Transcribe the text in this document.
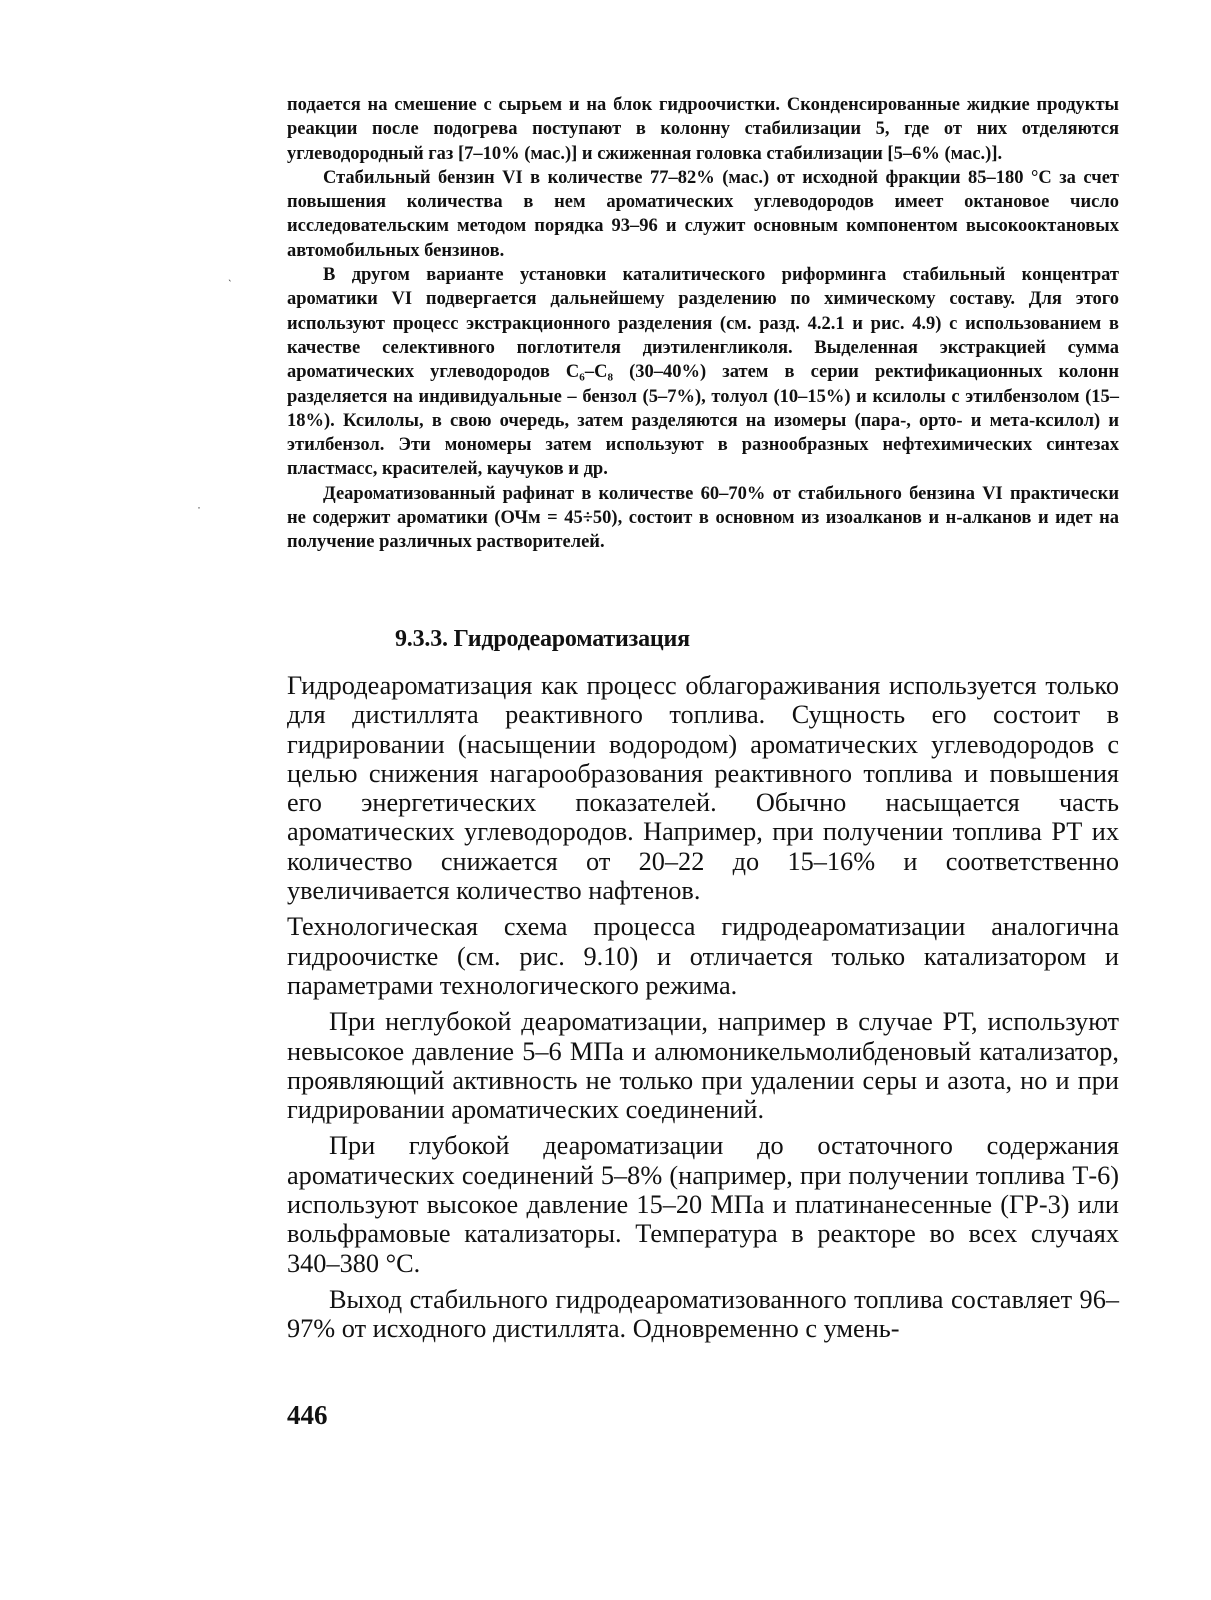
ˎ
·

подается на смешение с сырьем и на блок гидроочистки. Сконденсированные жидкие продукты реакции после подогрева поступают в колонну стабилизации 5, где от них отделяются углеводородный газ [7–10% (мас.)] и сжиженная головка стабилизации [5–6% (мас.)].

Стабильный бензин VI в количестве 77–82% (мас.) от исходной фракции 85–180 °С за счет повышения количества в нем ароматических углеводородов имеет октановое число исследовательским методом порядка 93–96 и служит основным компонентом высокооктановых автомобильных бензинов.

В другом варианте установки каталитического риформинга стабильный концентрат ароматики VI подвергается дальнейшему разделению по химическому составу. Для этого используют процесс экстракционного разделения (см. разд. 4.2.1 и рис. 4.9) с использованием в качестве селективного поглотителя диэтиленгликоля. Выделенная экстракцией сумма ароматических углеводородов С₆–С₈ (30–40%) затем в серии ректификационных колонн разделяется на индивидуальные – бензол (5–7%), толуол (10–15%) и ксилолы с этилбензолом (15–18%). Ксилолы, в свою очередь, затем разделяются на изомеры (пара-, орто- и мета-ксилол) и этилбензол. Эти мономеры затем используют в разнообразных нефтехимических синтезах пластмасс, красителей, каучуков и др.

Деароматизованный рафинат в количестве 60–70% от стабильного бензина VI практически не содержит ароматики (ОЧм = 45÷50), состоит в основном из изоалканов и н-алканов и идет на получение различных растворителей.

9.3.3. Гидродеароматизация

Гидродеароматизация как процесс облагораживания используется только для дистиллята реактивного топлива. Сущность его состоит в гидрировании (насыщении водородом) ароматических углеводородов с целью снижения нагарообразования реактивного топлива и повышения его энергетических показателей. Обычно насыщается часть ароматических углеводородов. Например, при получении топлива РТ их количество снижается от 20–22 до 15–16% и соответственно увеличивается количество нафтенов.

Технологическая схема процесса гидродеароматизации аналогична гидроочистке (см. рис. 9.10) и отличается только катализатором и параметрами технологического режима.

При неглубокой деароматизации, например в случае РТ, используют невысокое давление 5–6 МПа и алюмоникельмолибденовый катализатор, проявляющий активность не только при удалении серы и азота, но и при гидрировании ароматических соединений.

При глубокой деароматизации до остаточного содержания ароматических соединений 5–8% (например, при получении топлива Т-6) используют высокое давление 15–20 МПа и платинанесенные (ГР-3) или вольфрамовые катализаторы. Температура в реакторе во всех случаях 340–380 °С.

Выход стабильного гидродеароматизованного топлива составляет 96–97% от исходного дистиллята. Одновременно с умень-

446
